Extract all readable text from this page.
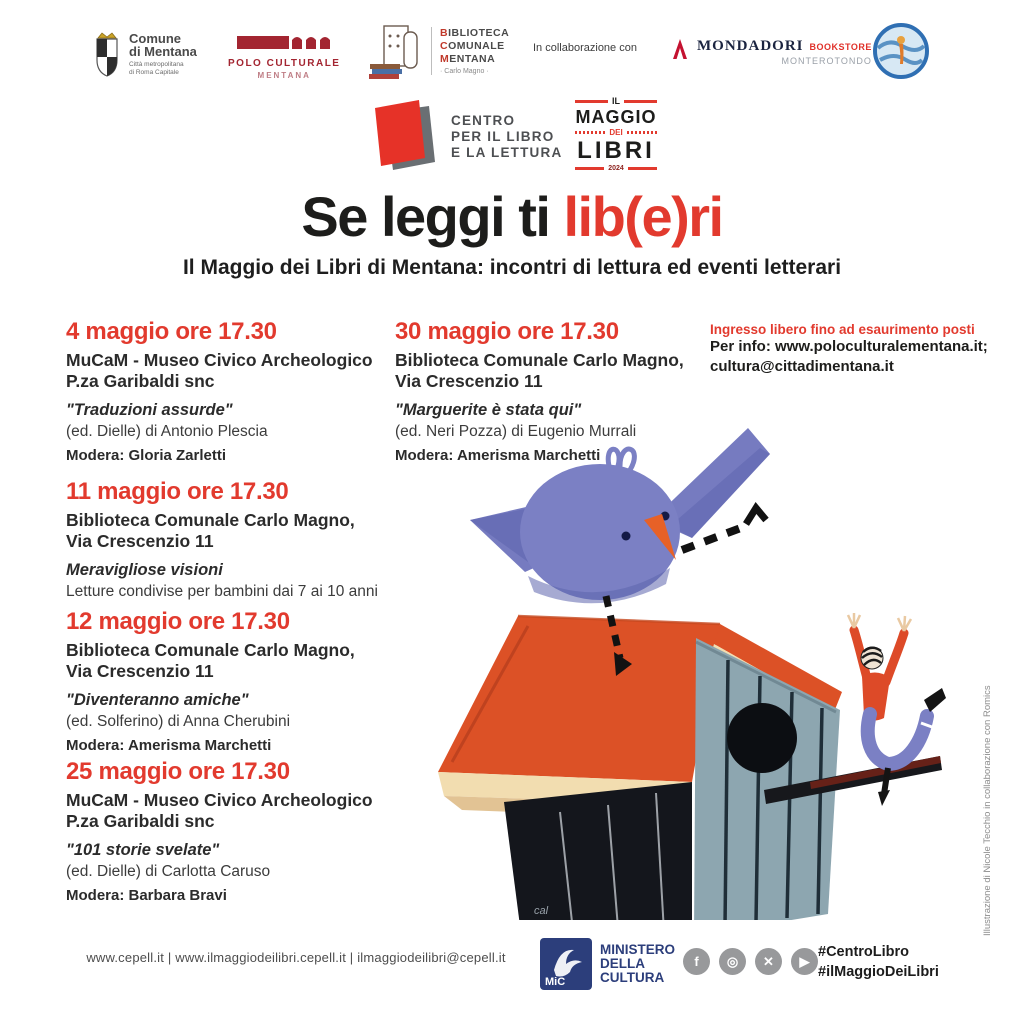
Comune
di Mentana
Città metropolitana
di Roma Capitale
POLO CULTURALE
MENTANA
BIBLIOTECA
COMUNALE
MENTANA
· Carlo Magno ·
In collaborazione con	MONDADORI BOOKSTORE
MONTEROTONDO
CENTRO
PER IL LIBRO
E LA LETTURA
IL
MAGGIO
DEI
LIBRI
2024
Se leggi ti lib(e)ri
Il Maggio dei Libri di Mentana: incontri di lettura ed eventi letterari
4 maggio ore 17.30
MuCaM - Museo Civico Archeologico
P.za Garibaldi snc
"Traduzioni assurde"
(ed. Dielle) di Antonio Plescia
Modera: Gloria Zarletti
11 maggio ore 17.30
Biblioteca Comunale Carlo Magno,
Via Crescenzio 11
Meravigliose visioni
Letture condivise per bambini dai 7 ai 10 anni
12 maggio ore 17.30
Biblioteca Comunale Carlo Magno,
Via Crescenzio 11
"Diventeranno amiche"
(ed. Solferino) di Anna Cherubini
Modera: Amerisma Marchetti
25 maggio ore 17.30
MuCaM - Museo Civico Archeologico
P.za Garibaldi snc
"101 storie svelate"
(ed. Dielle) di Carlotta Caruso
Modera: Barbara Bravi
30 maggio ore 17.30
Biblioteca Comunale Carlo Magno,
Via Crescenzio 11
"Marguerite è stata qui"
(ed. Neri Pozza) di Eugenio Murrali
Modera: Amerisma Marchetti
Ingresso libero fino ad esaurimento posti
Per info: www.poloculturalementana.it;
cultura@cittadimentana.it
cal	Illustrazione di Nicole Tecchio in collaborazione con Romics
www.cepell.it | www.ilmaggiodeilibri.cepell.it | ilmaggiodeilibri@cepell.it
MiC
MINISTERO
DELLA
CULTURA
f	◎	✕	▶
#CentroLibro
#ilMaggioDeiLibri
